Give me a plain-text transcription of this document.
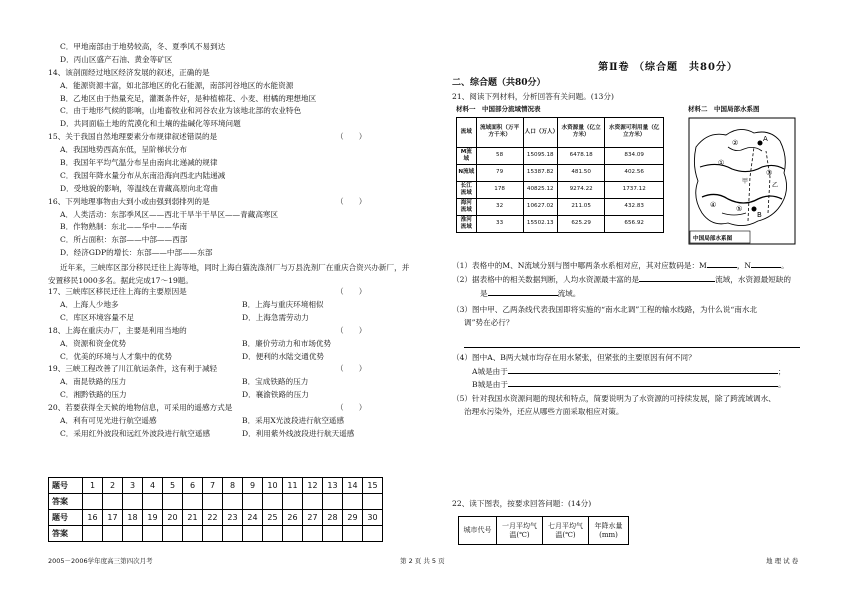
C．甲地南部由于地势较高，冬、夏季风不易到达
D．丙山区盛产石油、黄金等矿区
14、该剖面经过地区经济发展的叙述，正确的是
A．能源资源丰富，如北部地区的化石能源，南部河谷地区的水能资源
B．乙地区由于热量充足，灌溉条件好，是种植棉花、小麦、柑橘的理想地区
C．由于地形气候的影响，山地畜牧业和河谷农业为该地北部的农业特色
D．共同面临土地的荒漠化和土壤的盐碱化等环境问题
15、关于我国自然地理要素分布规律叙述错误的是	（　　）
A．我国地势西高东低，呈阶梯状分布
B．我国年平均气温分布呈由南向北递减的规律
C．我国年降水量分布从东南沿海向西北内陆递减
D．受地貌的影响，等温线在青藏高原向北弯曲
16、下列地理事物由大到小或由强到弱排列的是	（　　）
A．人类活动：东部季风区——西北干旱半干旱区——青藏高寒区
B．作物熟制：东北——华中——华南
C．所占面积：东部——中部——西部
D．经济GDP的增长：东部——中部——东部
近年来，三峡库区部分移民迁往上海等地，同时上海白猫洗涤剂厂与万县洗剂厂在重庆合资兴办新厂，并安置移民1000多名。据此完成17～19题。
17、三峡库区移民迁往上海的主要原因是	（　　）
A．上海人少地多	B．上海与重庆环境相似
C．库区环境容量不足	D．上海急需劳动力
18、上海在重庆办厂，主要是利用当地的	（　　）
A．资源和资金优势	B．廉价劳动力和市场优势
C．优美的环境与人才集中的优势	D．便利的水陆交通优势
19、三峡工程改善了川江航运条件，这有利于减轻	（　　）
A．南昆铁路的压力	B．宝成铁路的压力
C．湘黔铁路的压力	D．襄渝铁路的压力
20、若要获得全天候的地物信息，可采用的遥感方式是	（　　）
A．利有可见光进行航空遥感	B．采用X光波段进行航空遥感
C．采用红外波段和远红外波段进行航空遥感	D．利用紫外线波段进行航天遥感
题号	1	2	3	4	5	6	7	8	9	10	11	12	13	14	15
答案															
题号	16	17	18	19	20	21	22	23	24	25	26	27	28	29	30
答案															
第Ⅱ卷 （综合题　共80分）
二、综合题（共80分）
21、阅读下列材料，分析回答有关问题。(13分)
材料一　中国部分流域情况表
流域	流域面积（万平方千米）	人口（万人）	水资源量（亿立方米）	水资源可利用量（亿立方米）
M流域	58	15095.18	6478.18	834.09
N流域	79	15387.82	481.50	402.56
长江流域	178	40825.12	9274.22	1737.12
海河流域	32	10627.02	211.05	432.83
淮河流域	33	15502.13	625.29	656.92
材料二　中国局部水系图
A
B
①
②
③
④	⑤
甲
乙
中国局部水系图
（1）表格中的M、N流域分别与图中哪两条水系相对应，其对应数码是：M	，N	。
（2）据表格中的相关数据判断，人均水资源最丰富的是	流域，水资源最短缺的
是	流域。
（3）图中甲、乙两条线代表我国即将实施的“南水北调”工程的输水线路，为什么说“南水北
调”势在必行？
（4）图中A、B两大城市均存在用水紧张，但紧张的主要原因有何不同？
A城是由于	；
B城是由于	。
（5）针对我国水资源问题的现状和特点，简要说明为了水资源的可持续发展，除了跨流域调水、
治理水污染外，还应从哪些方面采取相应对策。
22、读下图表，按要求回答问题：(14分)
城市代号	一月平均气温(℃)	七月平均气温(℃)	年降水量(mm)
2005－2006学年度高三第四次月考	第 2 页 共 5 页	地 理 试 卷
